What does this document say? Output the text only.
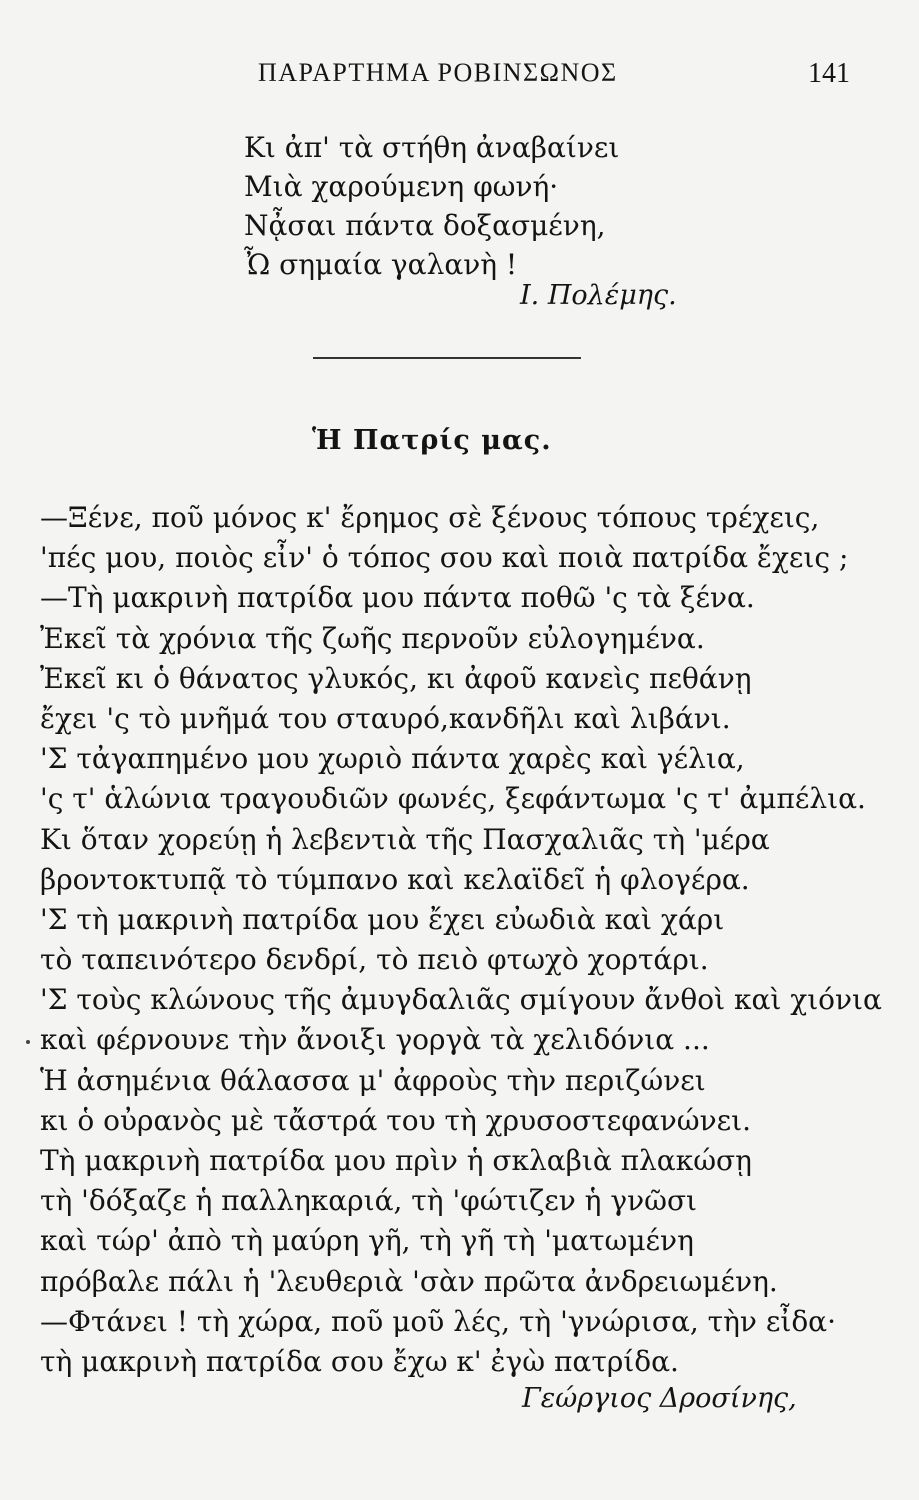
ΠΑΡΑΡΤΗΜΑ ΡΟΒΙΝΣΩΝΟΣ	141
Κι ἀπ' τὰ στήθη ἀναβαίνει
Μιὰ χαρούμενη φωνή·
Νᾆσαι πάντα δοξασμένη,
Ὦ σημαία γαλανὴ !
Ι. Πολέμης.
Ἡ Πατρίς μας.
—Ξένε, ποῦ μόνος κ' ἔρημος σὲ ξένους τόπους τρέχεις,
'πές μου, ποιὸς εἶν' ὁ τόπος σου καὶ ποιὰ πατρίδα ἔχεις ;
—Τὴ μακρινὴ πατρίδα μου πάντα ποθῶ 'ς τὰ ξένα.
Ἐκεῖ τὰ χρόνια τῆς ζωῆς περνοῦν εὐλογημένα.
Ἐκεῖ κι ὁ θάνατος γλυκός, κι ἀφοῦ κανεὶς πεθάνῃ
ἔχει 'ς τὸ μνῆμά του σταυρό,κανδῆλι καὶ λιβάνι.
'Σ τἀγαπημένο μου χωριὸ πάντα χαρὲς καὶ γέλια,
'ς τ' ἁλώνια τραγουδιῶν φωνές, ξεφάντωμα 'ς τ' ἀμπέλια.
Κι ὅταν χορεύῃ ἡ λεβεντιὰ τῆς Πασχαλιᾶς τὴ 'μέρα
βροντοκτυπᾷ τὸ τύμπανο καὶ κελαϊδεῖ ἡ φλογέρα.
'Σ τὴ μακρινὴ πατρίδα μου ἔχει εὐωδιὰ καὶ χάρι
τὸ ταπεινότερο δενδρί, τὸ πειὸ φτωχὸ χορτάρι.
'Σ τοὺς κλώνους τῆς ἀμυγδαλιᾶς σμίγουν ἄνθοὶ καὶ χιόνια
καὶ φέρνουνε τὴν ἄνοιξι γοργὰ τὰ χελιδόνια ...
Ἡ ἀσημένια θάλασσα μ' ἀφροὺς τὴν περιζώνει
κι ὁ οὐρανὸς μὲ τἄστρά του τὴ χρυσοστεφανώνει.
Τὴ μακρινὴ πατρίδα μου πρὶν ἡ σκλαβιὰ πλακώσῃ
τὴ 'δόξαζε ἡ παλληκαριά, τὴ 'φώτιζεν ἡ γνῶσι
καὶ τώρ' ἀπὸ τὴ μαύρη γῆ, τὴ γῆ τὴ 'ματωμένη
πρόβαλε πάλι ἡ 'λευθεριὰ 'σὰν πρῶτα ἀνδρειωμένη.
—Φτάνει ! τὴ χώρα, ποῦ μοῦ λές, τὴ 'γνώρισα, τὴν εἶδα·
τὴ μακρινὴ πατρίδα σου ἔχω κ' ἐγὼ πατρίδα.
Γεώργιος Δροσίνης,
